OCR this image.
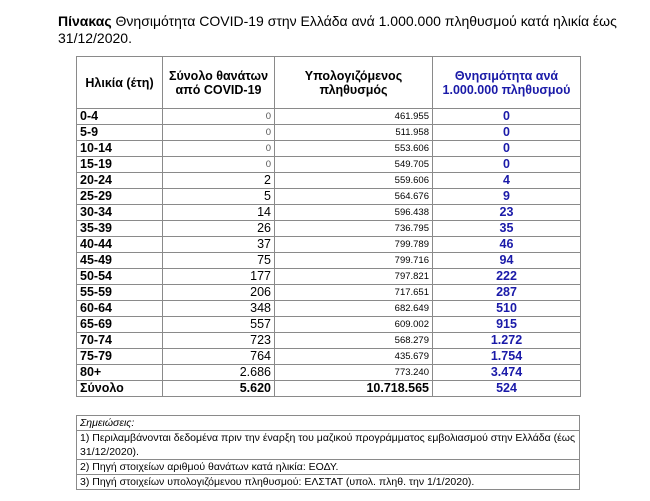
Πίνακας Θνησιμότητα COVID-19 στην Ελλάδα ανά 1.000.000 πληθυσμού κατά ηλικία έως 31/12/2020.
Ηλικία (έτη)	Σύνολο θανάτων από COVID-19	Υπολογιζόμενος πληθυσμός	Θνησιμότητα ανά 1.000.000 πληθυσμού
0-4	0	461.955	0
5-9	0	511.958	0
10-14	0	553.606	0
15-19	0	549.705	0
20-24	2	559.606	4
25-29	5	564.676	9
30-34	14	596.438	23
35-39	26	736.795	35
40-44	37	799.789	46
45-49	75	799.716	94
50-54	177	797.821	222
55-59	206	717.651	287
60-64	348	682.649	510
65-69	557	609.002	915
70-74	723	568.279	1.272
75-79	764	435.679	1.754
80+	2.686	773.240	3.474
Σύνολο	5.620	10.718.565	524
Σημειώσεις:
1) Περιλαμβάνονται δεδομένα πριν την έναρξη του μαζικού προγράμματος εμβολιασμού στην Ελλάδα (έως 31/12/2020).
2) Πηγή στοιχείων αριθμού θανάτων κατά ηλικία: ΕΟΔΥ.
3) Πηγή στοιχείων υπολογιζόμενου πληθυσμού: ΕΛΣΤΑΤ (υπολ. πληθ. την 1/1/2020).
